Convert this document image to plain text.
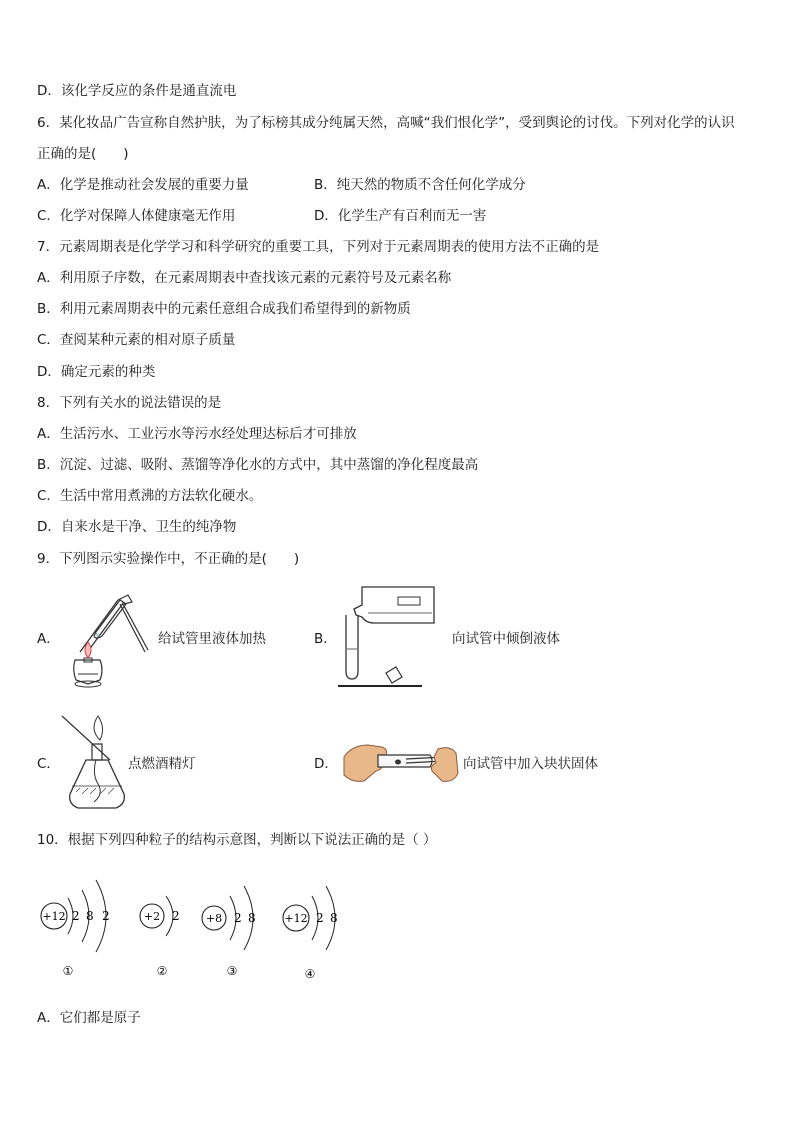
D．该化学反应的条件是通直流电
6．某化妆品广告宣称自然护肤，为了标榜其成分纯属天然，高喊“我们恨化学”，受到舆论的讨伐。下列对化学的认识
正确的是(　　)
A．化学是推动社会发展的重要力量	B．纯天然的物质不含任何化学成分
C．化学对保障人体健康毫无作用	D．化学生产有百利而无一害
7．元素周期表是化学学习和科学研究的重要工具，下列对于元素周期表的使用方法不正确的是
A．利用原子序数，在元素周期表中查找该元素的元素符号及元素名称
B．利用元素周期表中的元素任意组合成我们希望得到的新物质
C．查阅某种元素的相对原子质量
D．确定元素的种类
8．下列有关水的说法错误的是
A．生活污水、工业污水等污水经处理达标后才可排放
B．沉淀、过滤、吸附、蒸馏等净化水的方式中，其中蒸馏的净化程度最高
C．生活中常用煮沸的方法软化硬水。
D．自来水是干净、卫生的纯净物
9．下列图示实验操作中，不正确的是(　　)
A．	给试管里液体加热	B．	向试管中倾倒液体
C．	点燃酒精灯	D．	向试管中加入块状固体
10．根据下列四种粒子的结构示意图，判断以下说法正确的是（ ）
+12 2 8 2
①
+2 2
②
+8 2 8
③
+12 2 8
④
A．它们都是原子
